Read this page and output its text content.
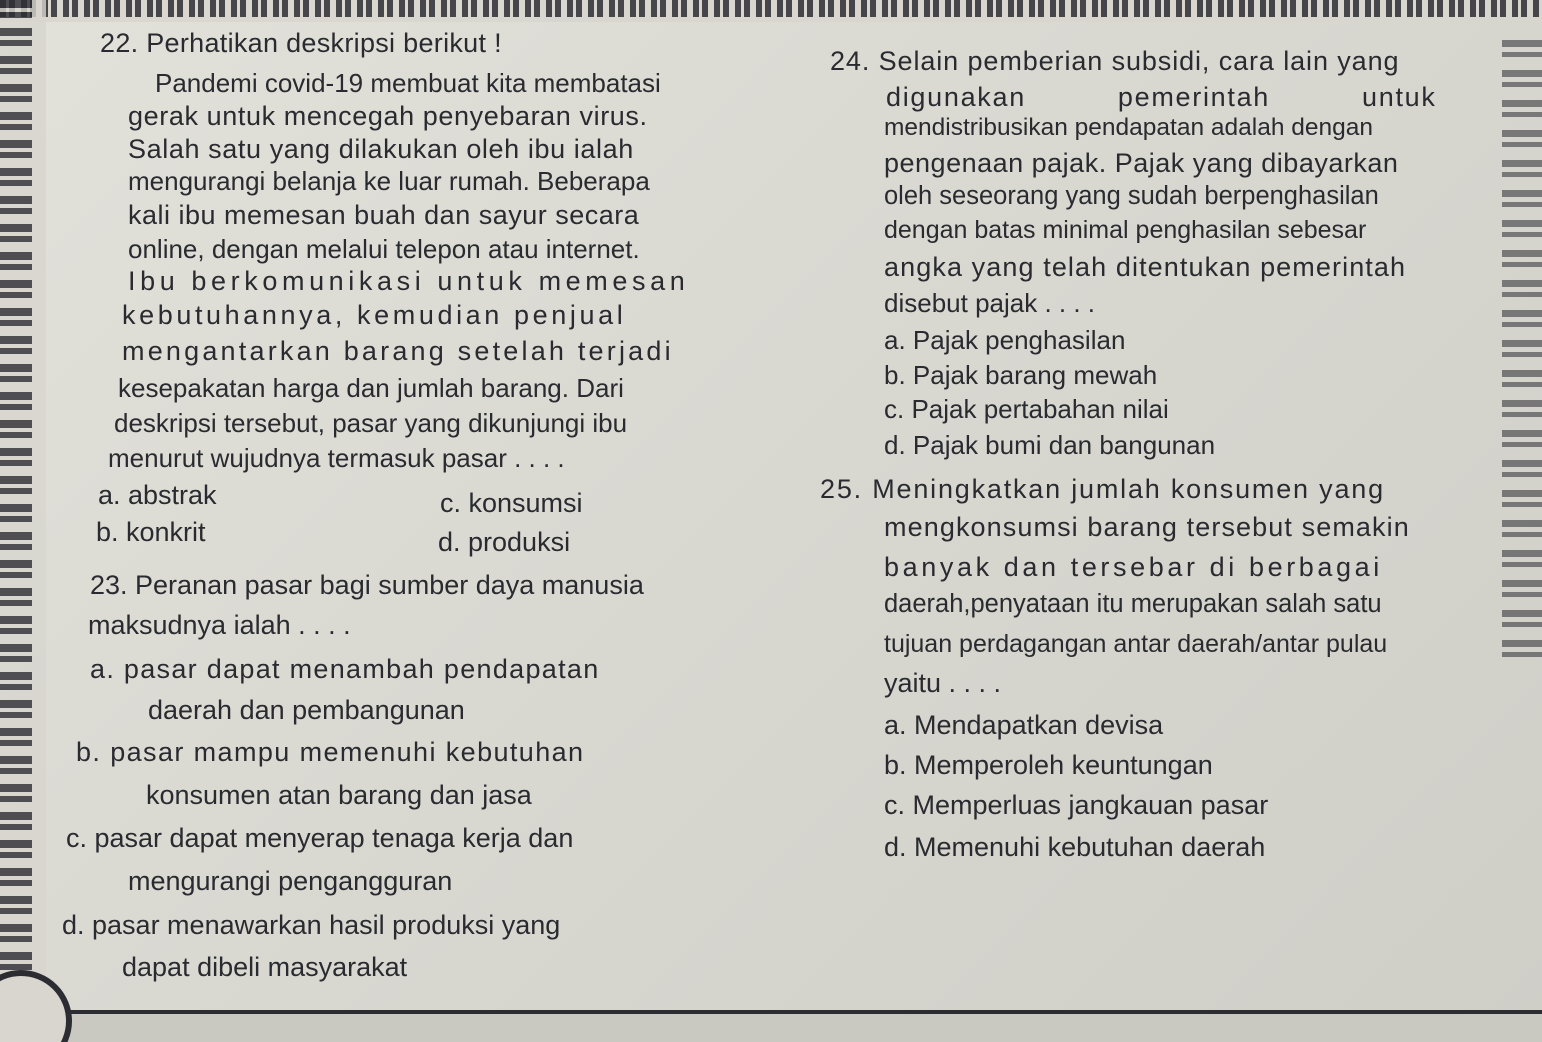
22. Perhatikan deskripsi berikut !
Pandemi covid-19 membuat kita membatasi
gerak untuk mencegah penyebaran virus.
Salah satu yang dilakukan oleh ibu ialah
mengurangi belanja ke luar rumah. Beberapa
kali ibu memesan buah dan sayur secara
online, dengan melalui telepon atau internet.
Ibu berkomunikasi untuk memesan
kebutuhannya, kemudian penjual
mengantarkan barang setelah terjadi
kesepakatan harga dan jumlah barang. Dari
deskripsi tersebut, pasar yang dikunjungi ibu
menurut wujudnya termasuk pasar . . . .
a. abstrak	c. konsumsi
b. konkrit	d. produksi
23. Peranan pasar bagi sumber daya manusia
maksudnya ialah . . . .
a. pasar dapat menambah pendapatan
daerah dan pembangunan
b. pasar mampu memenuhi kebutuhan
konsumen atan barang dan jasa
c. pasar dapat menyerap tenaga kerja dan
mengurangi pengangguran
d. pasar menawarkan hasil produksi yang
dapat dibeli masyarakat
24. Selain pemberian subsidi, cara lain yang
digunakan          pemerintah          untuk
mendistribusikan pendapatan adalah dengan
pengenaan pajak. Pajak yang dibayarkan
oleh seseorang yang sudah berpenghasilan
dengan batas minimal penghasilan sebesar
angka yang telah ditentukan pemerintah
disebut pajak . . . .
a. Pajak penghasilan
b. Pajak barang mewah
c. Pajak pertabahan nilai
d. Pajak bumi dan bangunan
25. Meningkatkan jumlah konsumen yang
mengkonsumsi barang tersebut semakin
banyak dan tersebar di berbagai
daerah,penyataan itu merupakan salah satu
tujuan perdagangan antar daerah/antar pulau
yaitu . . . .
a. Mendapatkan devisa
b. Memperoleh keuntungan
c. Memperluas jangkauan pasar
d. Memenuhi kebutuhan daerah
